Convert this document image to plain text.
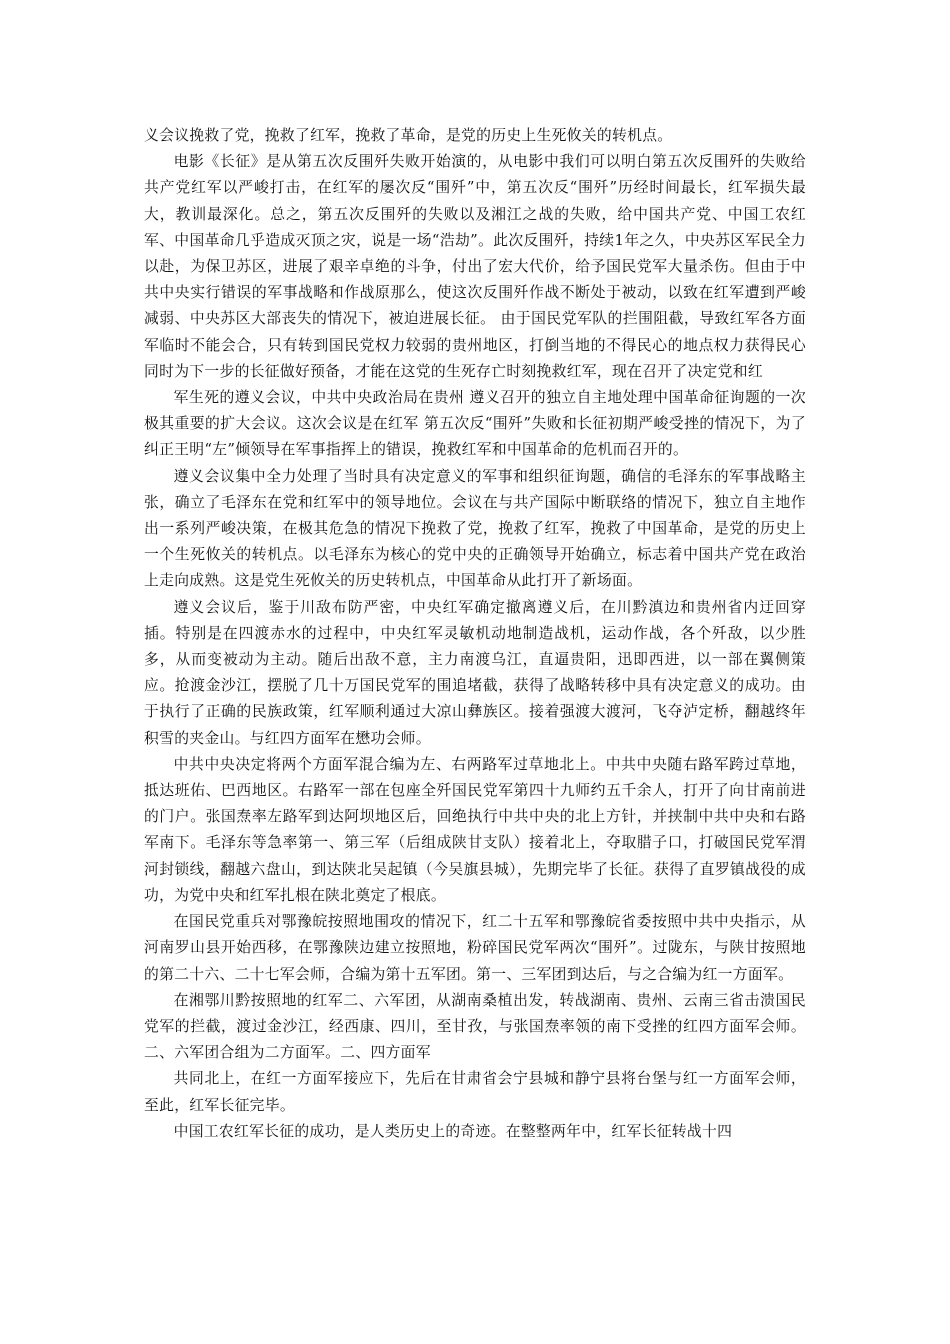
义会议挽救了党，挽救了红军，挽救了革命，是党的历史上生死攸关的转机点。

电影《长征》是从第五次反围歼失败开始演的，从电影中我们可以明白第五次反围歼的失败给共产党红军以严峻打击，在红军的屡次反“围歼”中，第五次反“围歼”历经时间最长，红军损失最大，教训最深化。总之，第五次反围歼的失败以及湘江之战的失败，给中国共产党、中国工农红军、中国革命几乎造成灭顶之灾，说是一场“浩劫”。此次反围歼，持续1年之久，中央苏区军民全力以赴，为保卫苏区，进展了艰辛卓绝的斗争，付出了宏大代价，给予国民党军大量杀伤。但由于中共中央实行错误的军事战略和作战原那么，使这次反围歼作战不断处于被动，以致在红军遭到严峻减弱、中央苏区大部丧失的情况下，被迫进展长征。 由于国民党军队的拦围阻截，导致红军各方面军临时不能会合，只有转到国民党权力较弱的贵州地区，打倒当地的不得民心的地点权力获得民心同时为下一步的长征做好预备，才能在这党的生死存亡时刻挽救红军，现在召开了决定党和红

军生死的遵义会议，中共中央政治局在贵州 遵义召开的独立自主地处理中国革命征询题的一次极其重要的扩大会议。这次会议是在红军 第五次反“围歼”失败和长征初期严峻受挫的情况下，为了纠正王明“左”倾领导在军事指挥上的错误，挽救红军和中国革命的危机而召开的。

遵义会议集中全力处理了当时具有决定意义的军事和组织征询题，确信的毛泽东的军事战略主张，确立了毛泽东在党和红军中的领导地位。会议在与共产国际中断联络的情况下，独立自主地作出一系列严峻决策，在极其危急的情况下挽救了党，挽救了红军，挽救了中国革命，是党的历史上一个生死攸关的转机点。以毛泽东为核心的党中央的正确领导开始确立，标志着中国共产党在政治上走向成熟。这是党生死攸关的历史转机点，中国革命从此打开了新场面。

遵义会议后，鉴于川敌布防严密，中央红军确定撤离遵义后，在川黔滇边和贵州省内迂回穿插。特别是在四渡赤水的过程中，中央红军灵敏机动地制造战机，运动作战，各个歼敌，以少胜多，从而变被动为主动。随后出敌不意，主力南渡乌江，直逼贵阳，迅即西进，以一部在翼侧策应。抢渡金沙江，摆脱了几十万国民党军的围追堵截，获得了战略转移中具有决定意义的成功。由于执行了正确的民族政策，红军顺利通过大凉山彝族区。接着强渡大渡河，飞夺泸定桥，翻越终年积雪的夹金山。与红四方面军在懋功会师。

中共中央决定将两个方面军混合编为左、右两路军过草地北上。中共中央随右路军跨过草地，抵达班佑、巴西地区。右路军一部在包座全歼国民党军第四十九师约五千余人，打开了向甘南前进的门户。张国焘率左路军到达阿坝地区后，回绝执行中共中央的北上方针，并挟制中共中央和右路军南下。毛泽东等急率第一、第三军（后组成陕甘支队）接着北上，夺取腊子口，打破国民党军渭河封锁线，翻越六盘山，到达陕北吴起镇（今吴旗县城），先期完毕了长征。获得了直罗镇战役的成功，为党中央和红军扎根在陕北奠定了根底。

在国民党重兵对鄂豫皖按照地围攻的情况下，红二十五军和鄂豫皖省委按照中共中央指示，从河南罗山县开始西移，在鄂豫陕边建立按照地，粉碎国民党军两次“围歼”。过陇东，与陕甘按照地的第二十六、二十七军会师，合编为第十五军团。第一、三军团到达后，与之合编为红一方面军。

在湘鄂川黔按照地的红军二、六军团，从湖南桑植出发，转战湖南、贵州、云南三省击溃国民党军的拦截，渡过金沙江，经西康、四川，至甘孜，与张国焘率领的南下受挫的红四方面军会师。二、六军团合组为二方面军。二、四方面军

共同北上，在红一方面军接应下，先后在甘肃省会宁县城和静宁县将台堡与红一方面军会师，至此，红军长征完毕。

中国工农红军长征的成功，是人类历史上的奇迹。在整整两年中，红军长征转战十四
